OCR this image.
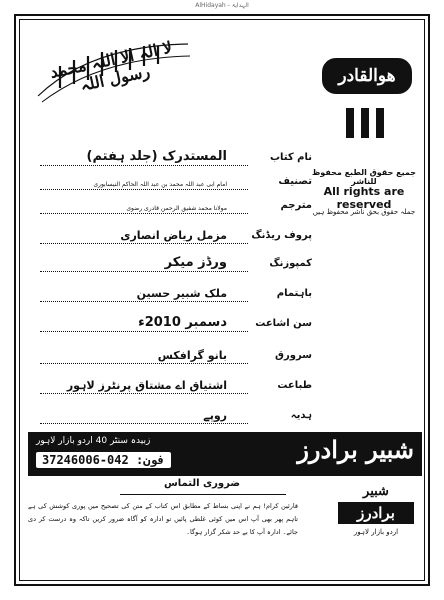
AlHidayah - الہدایۃ
لا الہ الا اللہ محمد رسول اللہ	ھوالقادر
جمیع حقوق الطبع محفوظ للناشر
All rights are reserved
جملہ حقوق بحق ناشر محفوظ ہیں
المستدرک (جلد ہفتم)	نام کتاب
امام ابی عبد اللہ محمد بن عبد اللہ الحاکم النیسابوری	تصنیف
مولانا محمد شفیق الرحمن قادری رضوی	مترجم
مزمل ریاض انصاری	پروف ریڈنگ
ورڈز میکر	کمپوزنگ
ملک شبیر حسین	باہتمام
دسمبر 2010ء	سن اشاعت
بانو گرافکس	سرورق
اشتیاق اے مشتاق پرنٹرز لاہور	طباعت
روپے	ہدیہ
شبیر برادرز
زبیدہ سنٹر 40 اردو بازار لاہور
فون: 042-37246006
ضروری التماس
قارئین کرام! ہم نے اپنی بساط کے مطابق اس کتاب کے متن کی تصحیح میں پوری کوشش کی ہے تاہم پھر بھی آپ اس میں کوئی غلطی پائیں تو ادارہ کو آگاہ ضرور کریں تاکہ وہ درست کر دی جائے۔ ادارہ آپ کا بے حد شکر گزار ہوگا۔
شبیر
برادرز
اردو بازار لاہور
